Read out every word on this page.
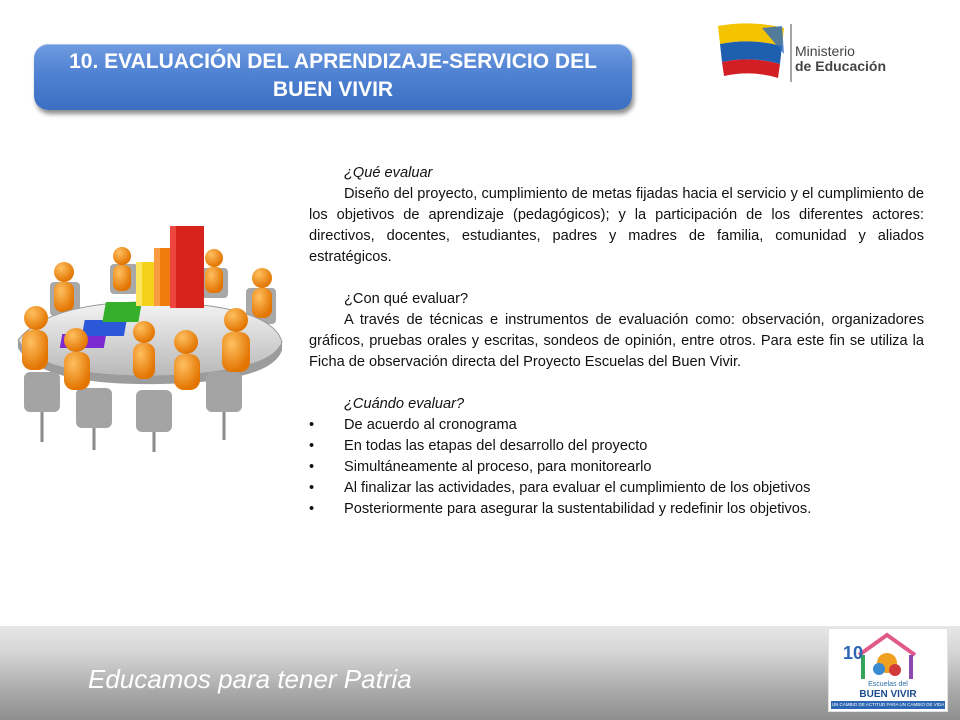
10. EVALUACIÓN DEL APRENDIZAJE-SERVICIO DEL
BUEN VIVIR
Ministerio
de Educación

¿Qué evaluar

Diseño del proyecto, cumplimiento de metas fijadas hacia el servicio y el cumplimiento de los objetivos de aprendizaje (pedagógicos); y la participación de los diferentes actores: directivos, docentes, estudiantes, padres y madres de familia, comunidad y aliados estratégicos.

¿Con qué evaluar?

A través de técnicas e instrumentos de evaluación como: observación, organizadores gráficos, pruebas orales y escritas, sondeos de opinión, entre otros. Para este fin se utiliza la Ficha de observación directa del Proyecto Escuelas del Buen Vivir.

¿Cuándo evaluar?

• De acuerdo al cronograma
• En todas las etapas del desarrollo del proyecto
• Simultáneamente al proceso, para monitorearlo
• Al finalizar las actividades, para evaluar el cumplimiento de los objetivos
• Posteriormente para asegurar la sustentabilidad y redefinir los objetivos.
Educamos para tener Patria
10
Escuelas del
BUEN VIVIR
UN CAMBIO DE ACTITUD PARA UN CAMBIO DE VIDA
